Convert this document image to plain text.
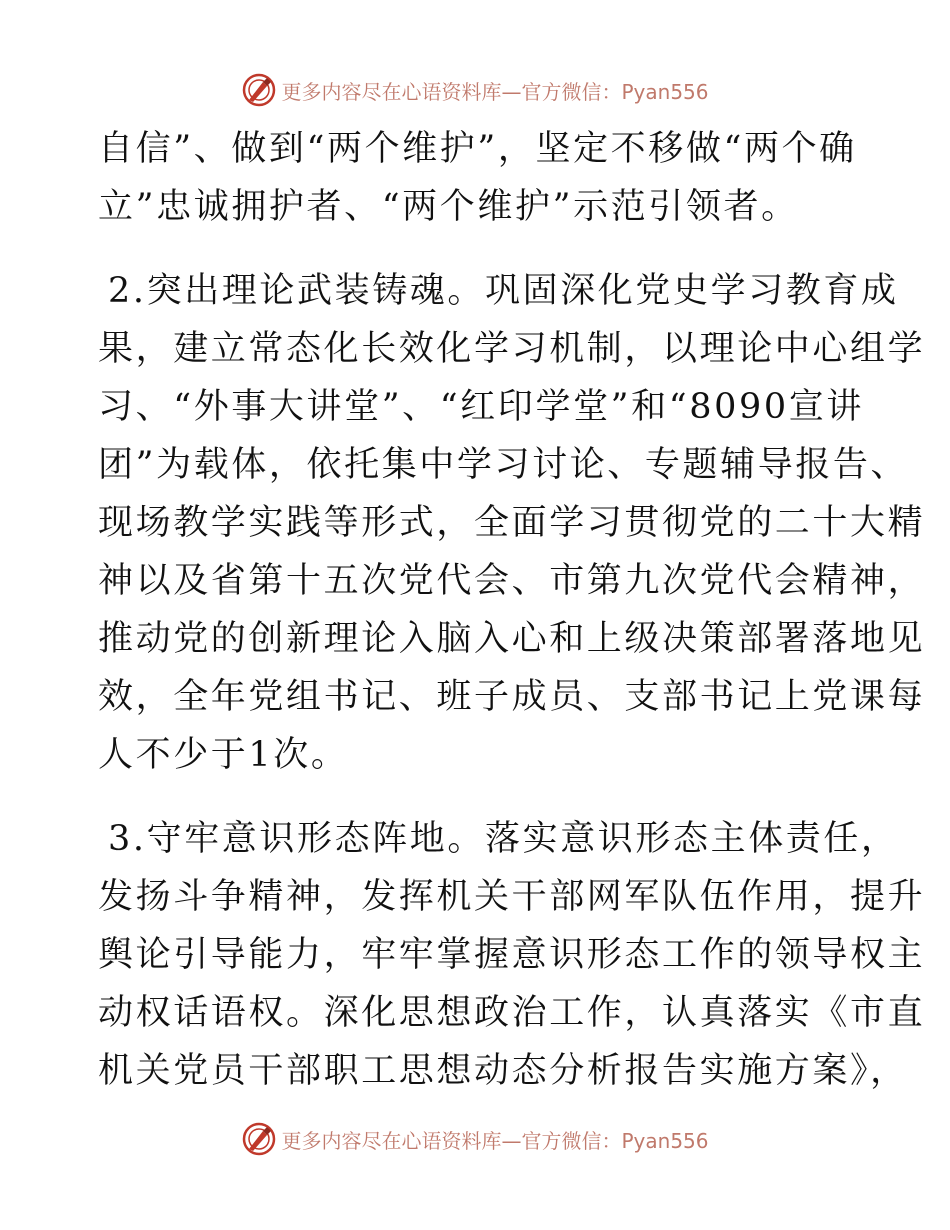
更多内容尽在心语资料库—官方微信：Pyan556
自信”、做到“两个维护”，坚定不移做“两个确
立”忠诚拥护者、“两个维护”示范引领者。
2.突出理论武装铸魂。巩固深化党史学习教育成
果，建立常态化长效化学习机制，以理论中心组学
习、“外事大讲堂”、“红印学堂”和“8090宣讲
团”为载体，依托集中学习讨论、专题辅导报告、
现场教学实践等形式，全面学习贯彻党的二十大精
神以及省第十五次党代会、市第九次党代会精神，
推动党的创新理论入脑入心和上级决策部署落地见
效，全年党组书记、班子成员、支部书记上党课每
人不少于1次。
3.守牢意识形态阵地。落实意识形态主体责任，
发扬斗争精神，发挥机关干部网军队伍作用，提升
舆论引导能力，牢牢掌握意识形态工作的领导权主
动权话语权。深化思想政治工作，认真落实《市直
机关党员干部职工思想动态分析报告实施方案》，
更多内容尽在心语资料库—官方微信：Pyan556
